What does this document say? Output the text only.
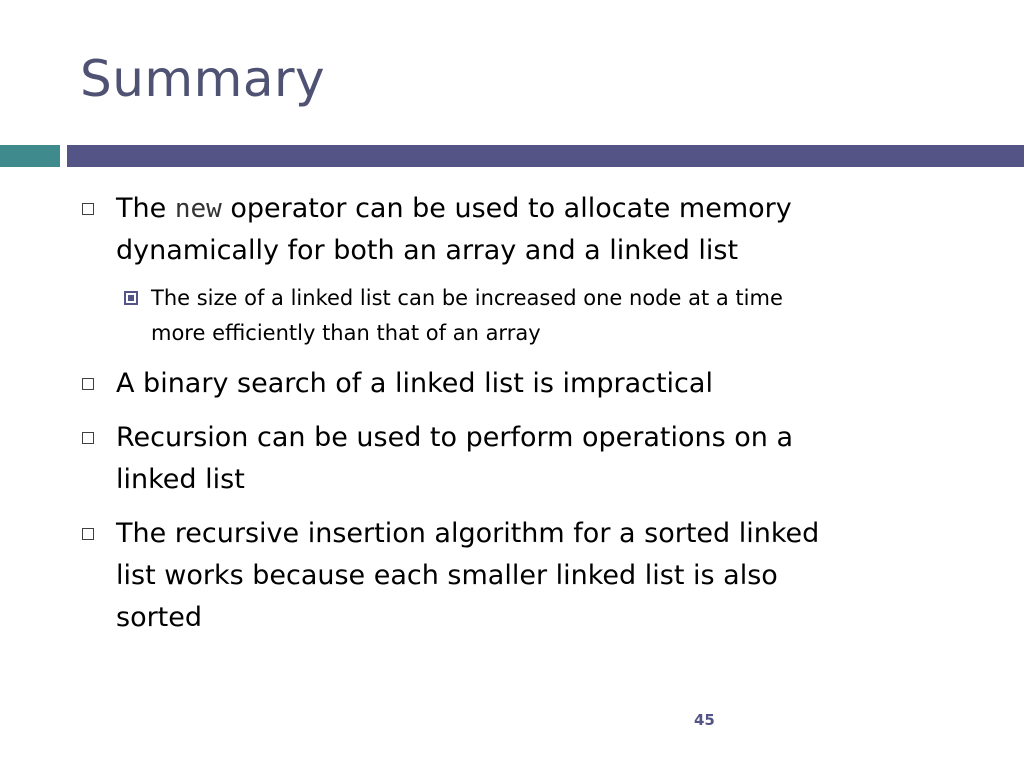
Summary
The new operator can be used to allocate memory
dynamically for both an array and a linked list
The size of a linked list can be increased one node at a time
more efficiently than that of an array
A binary search of a linked list is impractical
Recursion can be used to perform operations on a
linked list
The recursive insertion algorithm for a sorted linked
list works because each smaller linked list is also
sorted
45
